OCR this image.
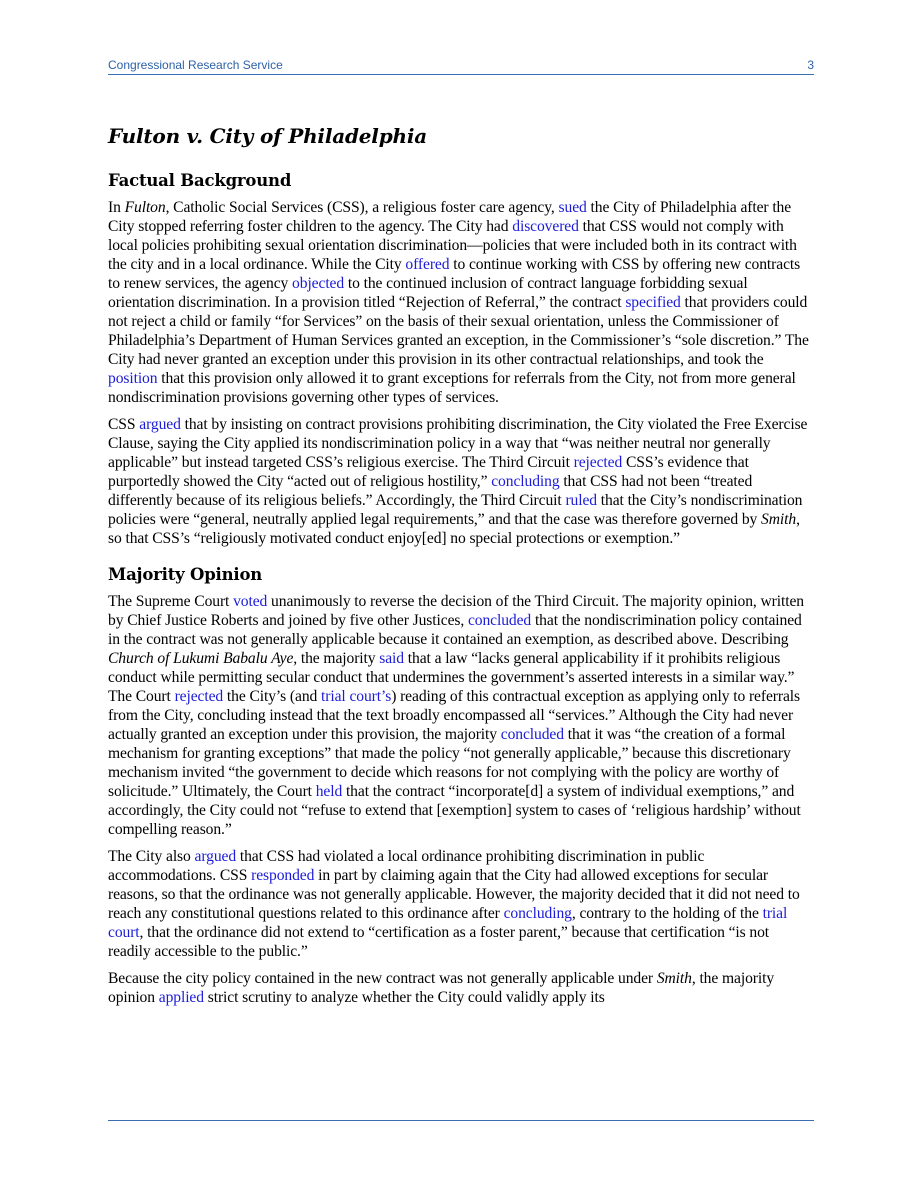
Congressional Research Service	3
Fulton v. City of Philadelphia
Factual Background

In Fulton, Catholic Social Services (CSS), a religious foster care agency, sued the City of Philadelphia after the City stopped referring foster children to the agency. The City had discovered that CSS would not comply with local policies prohibiting sexual orientation discrimination—policies that were included both in its contract with the city and in a local ordinance. While the City offered to continue working with CSS by offering new contracts to renew services, the agency objected to the continued inclusion of contract language forbidding sexual orientation discrimination. In a provision titled “Rejection of Referral,” the contract specified that providers could not reject a child or family “for Services” on the basis of their sexual orientation, unless the Commissioner of Philadelphia’s Department of Human Services granted an exception, in the Commissioner’s “sole discretion.” The City had never granted an exception under this provision in its other contractual relationships, and took the position that this provision only allowed it to grant exceptions for referrals from the City, not from more general nondiscrimination provisions governing other types of services.

CSS argued that by insisting on contract provisions prohibiting discrimination, the City violated the Free Exercise Clause, saying the City applied its nondiscrimination policy in a way that “was neither neutral nor generally applicable” but instead targeted CSS’s religious exercise. The Third Circuit rejected CSS’s evidence that purportedly showed the City “acted out of religious hostility,” concluding that CSS had not been “treated differently because of its religious beliefs.” Accordingly, the Third Circuit ruled that the City’s nondiscrimination policies were “general, neutrally applied legal requirements,” and that the case was therefore governed by Smith, so that CSS’s “religiously motivated conduct enjoy[ed] no special protections or exemption.”

Majority Opinion

The Supreme Court voted unanimously to reverse the decision of the Third Circuit. The majority opinion, written by Chief Justice Roberts and joined by five other Justices, concluded that the nondiscrimination policy contained in the contract was not generally applicable because it contained an exemption, as described above. Describing Church of Lukumi Babalu Aye, the majority said that a law “lacks general applicability if it prohibits religious conduct while permitting secular conduct that undermines the government’s asserted interests in a similar way.” The Court rejected the City’s (and trial court’s) reading of this contractual exception as applying only to referrals from the City, concluding instead that the text broadly encompassed all “services.” Although the City had never actually granted an exception under this provision, the majority concluded that it was “the creation of a formal mechanism for granting exceptions” that made the policy “not generally applicable,” because this discretionary mechanism invited “the government to decide which reasons for not complying with the policy are worthy of solicitude.” Ultimately, the Court held that the contract “incorporate[d] a system of individual exemptions,” and accordingly, the City could not “refuse to extend that [exemption] system to cases of ‘religious hardship’ without compelling reason.”

The City also argued that CSS had violated a local ordinance prohibiting discrimination in public accommodations. CSS responded in part by claiming again that the City had allowed exceptions for secular reasons, so that the ordinance was not generally applicable. However, the majority decided that it did not need to reach any constitutional questions related to this ordinance after concluding, contrary to the holding of the trial court, that the ordinance did not extend to “certification as a foster parent,” because that certification “is not readily accessible to the public.”

Because the city policy contained in the new contract was not generally applicable under Smith, the majority opinion applied strict scrutiny to analyze whether the City could validly apply its
